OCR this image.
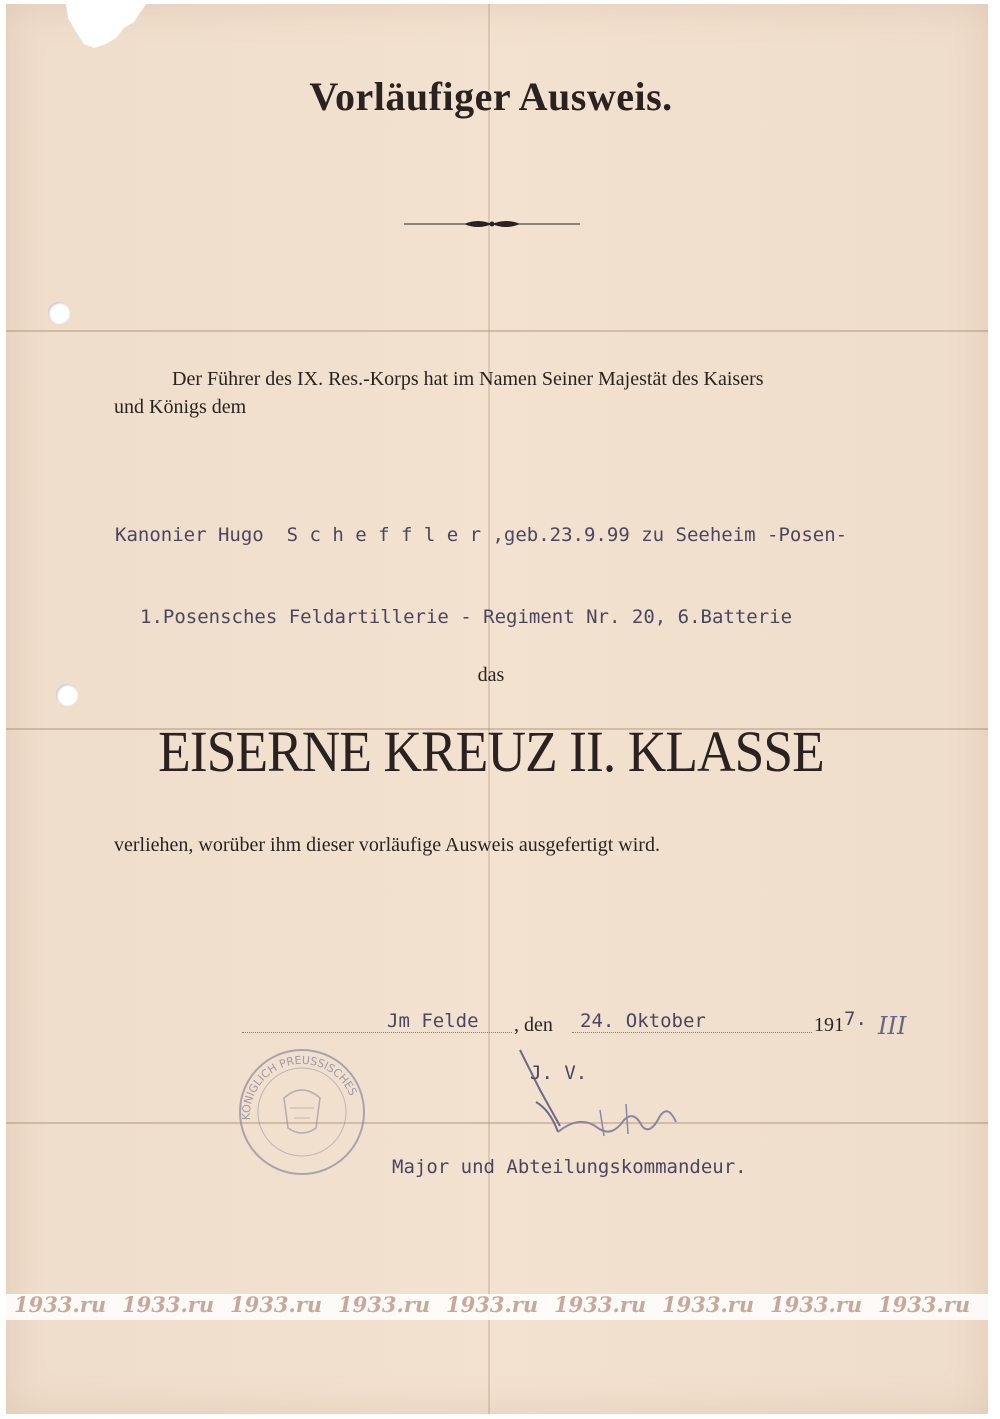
Vorläufiger Ausweis.
Der Führer des IX. Res.-Korps hat im Namen Seiner Majestät des Kaisers
und Königs dem
Kanonier Hugo  S c h e f f l e r ,geb.23.9.99 zu Seeheim -Posen-
1.Posensches Feldartillerie - Regiment Nr. 20, 6.Batterie
das
EISERNE KREUZ II. KLASSE
verliehen, worüber ihm dieser vorläufige Ausweis ausgefertigt wird.
Jm Felde , den 24. Oktober	191 7. III
KÖNIGLICH PREUSSISCHES
J. V.
Major und Abteilungskommandeur.
1933.ru 1933.ru 1933.ru 1933.ru 1933.ru 1933.ru 1933.ru 1933.ru 1933.ru
